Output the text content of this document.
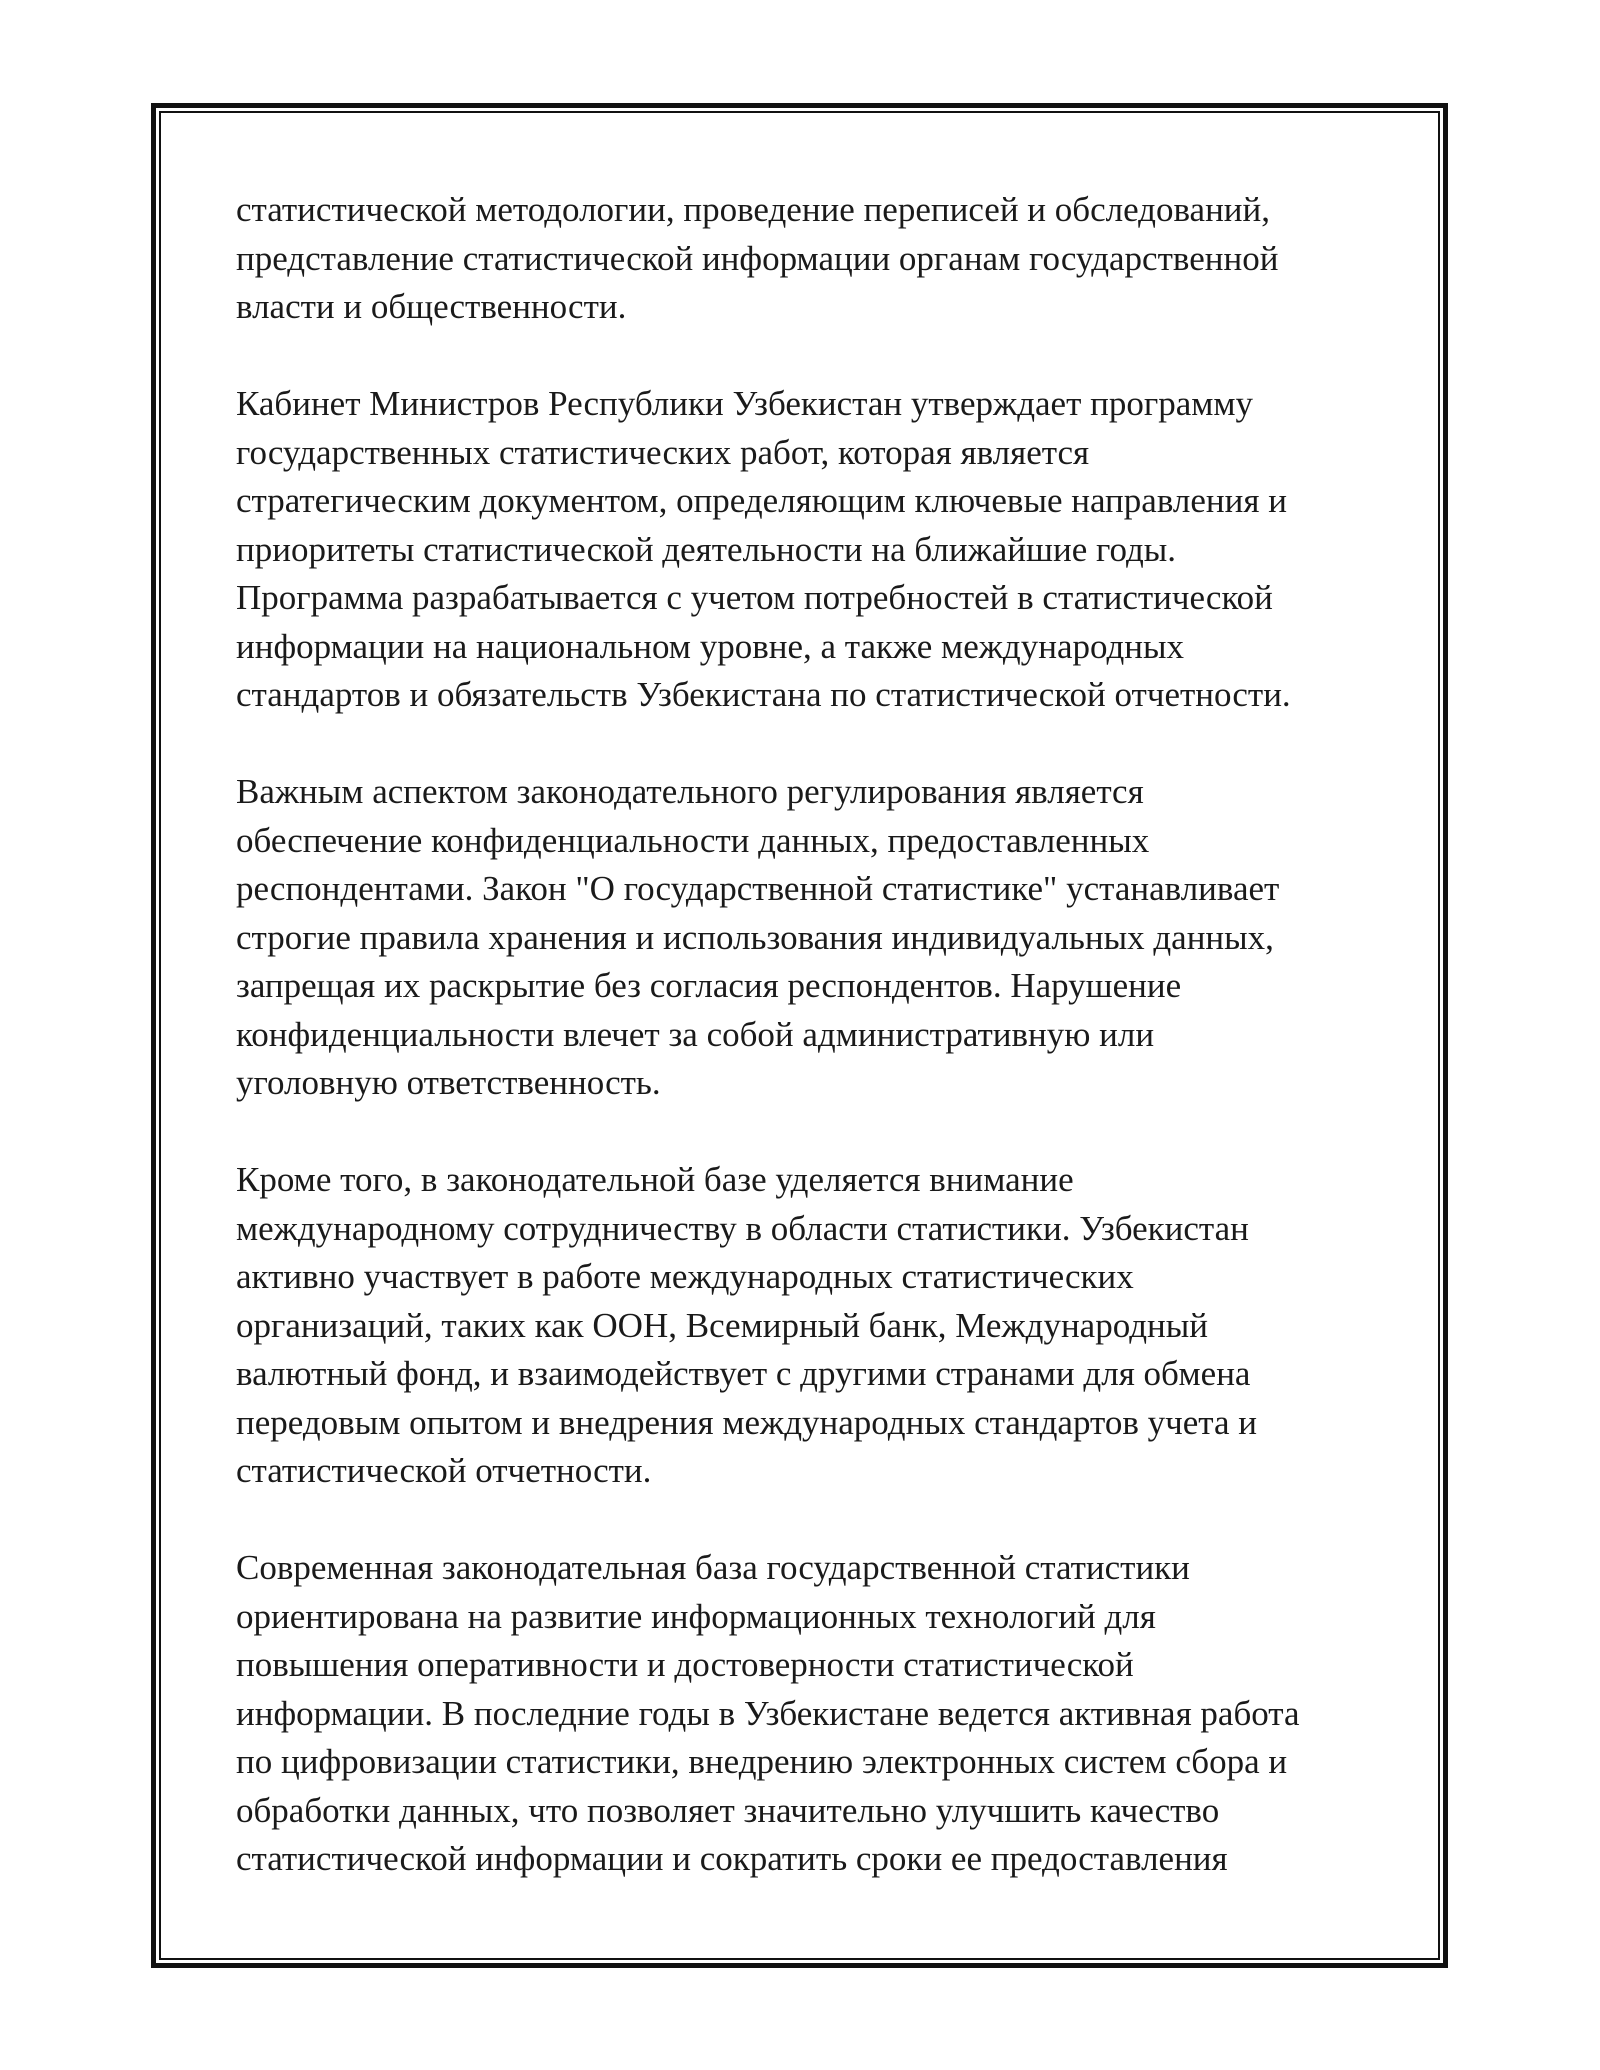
статистической методологии, проведение переписей и обследований,
представление статистической информации органам государственной
власти и общественности.

Кабинет Министров Республики Узбекистан утверждает программу
государственных статистических работ, которая является
стратегическим документом, определяющим ключевые направления и
приоритеты статистической деятельности на ближайшие годы.
Программа разрабатывается с учетом потребностей в статистической
информации на национальном уровне, а также международных
стандартов и обязательств Узбекистана по статистической отчетности.

Важным аспектом законодательного регулирования является
обеспечение конфиденциальности данных, предоставленных
респондентами. Закон "О государственной статистике" устанавливает
строгие правила хранения и использования индивидуальных данных,
запрещая их раскрытие без согласия респондентов. Нарушение
конфиденциальности влечет за собой административную или
уголовную ответственность.

Кроме того, в законодательной базе уделяется внимание
международному сотрудничеству в области статистики. Узбекистан
активно участвует в работе международных статистических
организаций, таких как ООН, Всемирный банк, Международный
валютный фонд, и взаимодействует с другими странами для обмена
передовым опытом и внедрения международных стандартов учета и
статистической отчетности.

Современная законодательная база государственной статистики
ориентирована на развитие информационных технологий для
повышения оперативности и достоверности статистической
информации. В последние годы в Узбекистане ведется активная работа
по цифровизации статистики, внедрению электронных систем сбора и
обработки данных, что позволяет значительно улучшить качество
статистической информации и сократить сроки ее предоставления
